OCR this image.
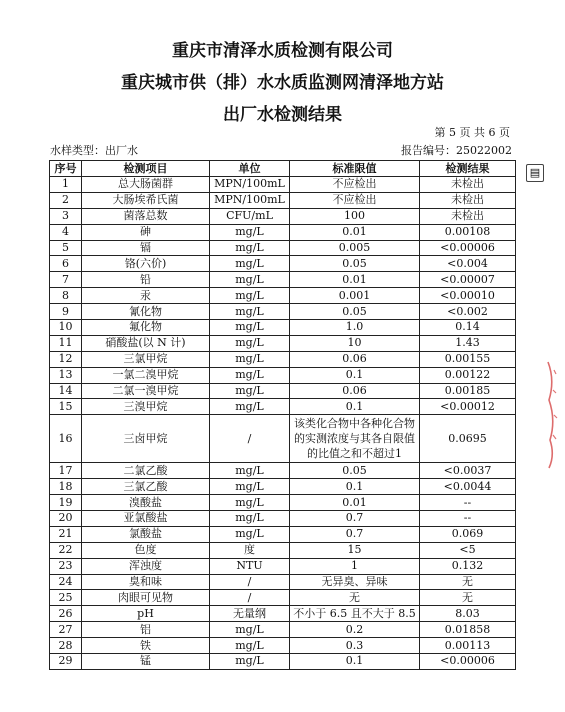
重庆市清泽水质检测有限公司
重庆城市供（排）水水质监测网清泽地方站
出厂水检测结果
第 5 页 共 6 页
水样类型：出厂水	报告编号：25022002
序号	检测项目	单位	标准限值	检测结果
1	总大肠菌群	MPN/100mL	不应检出	未检出
2	大肠埃希氏菌	MPN/100mL	不应检出	未检出
3	菌落总数	CFU/mL	100	未检出
4	砷	mg/L	0.01	0.00108
5	镉	mg/L	0.005	<0.00006
6	铬(六价)	mg/L	0.05	<0.004
7	铅	mg/L	0.01	<0.00007
8	汞	mg/L	0.001	<0.00010
9	氰化物	mg/L	0.05	<0.002
10	氟化物	mg/L	1.0	0.14
11	硝酸盐(以 N 计)	mg/L	10	1.43
12	三氯甲烷	mg/L	0.06	0.00155
13	一氯二溴甲烷	mg/L	0.1	0.00122
14	二氯一溴甲烷	mg/L	0.06	0.00185
15	三溴甲烷	mg/L	0.1	<0.00012
16	三卤甲烷	/	该类化合物中各种化合物的实测浓度与其各自限值的比值之和不超过1	0.0695
17	二氯乙酸	mg/L	0.05	<0.0037
18	三氯乙酸	mg/L	0.1	<0.0044
19	溴酸盐	mg/L	0.01	--
20	亚氯酸盐	mg/L	0.7	--
21	氯酸盐	mg/L	0.7	0.069
22	色度	度	15	<5
23	浑浊度	NTU	1	0.132
24	臭和味	/	无异臭、异味	无
25	肉眼可见物	/	无	无
26	pH	无量纲	不小于 6.5 且不大于 8.5	8.03
27	铝	mg/L	0.2	0.01858
28	铁	mg/L	0.3	0.00113
29	锰	mg/L	0.1	<0.00006
▤
